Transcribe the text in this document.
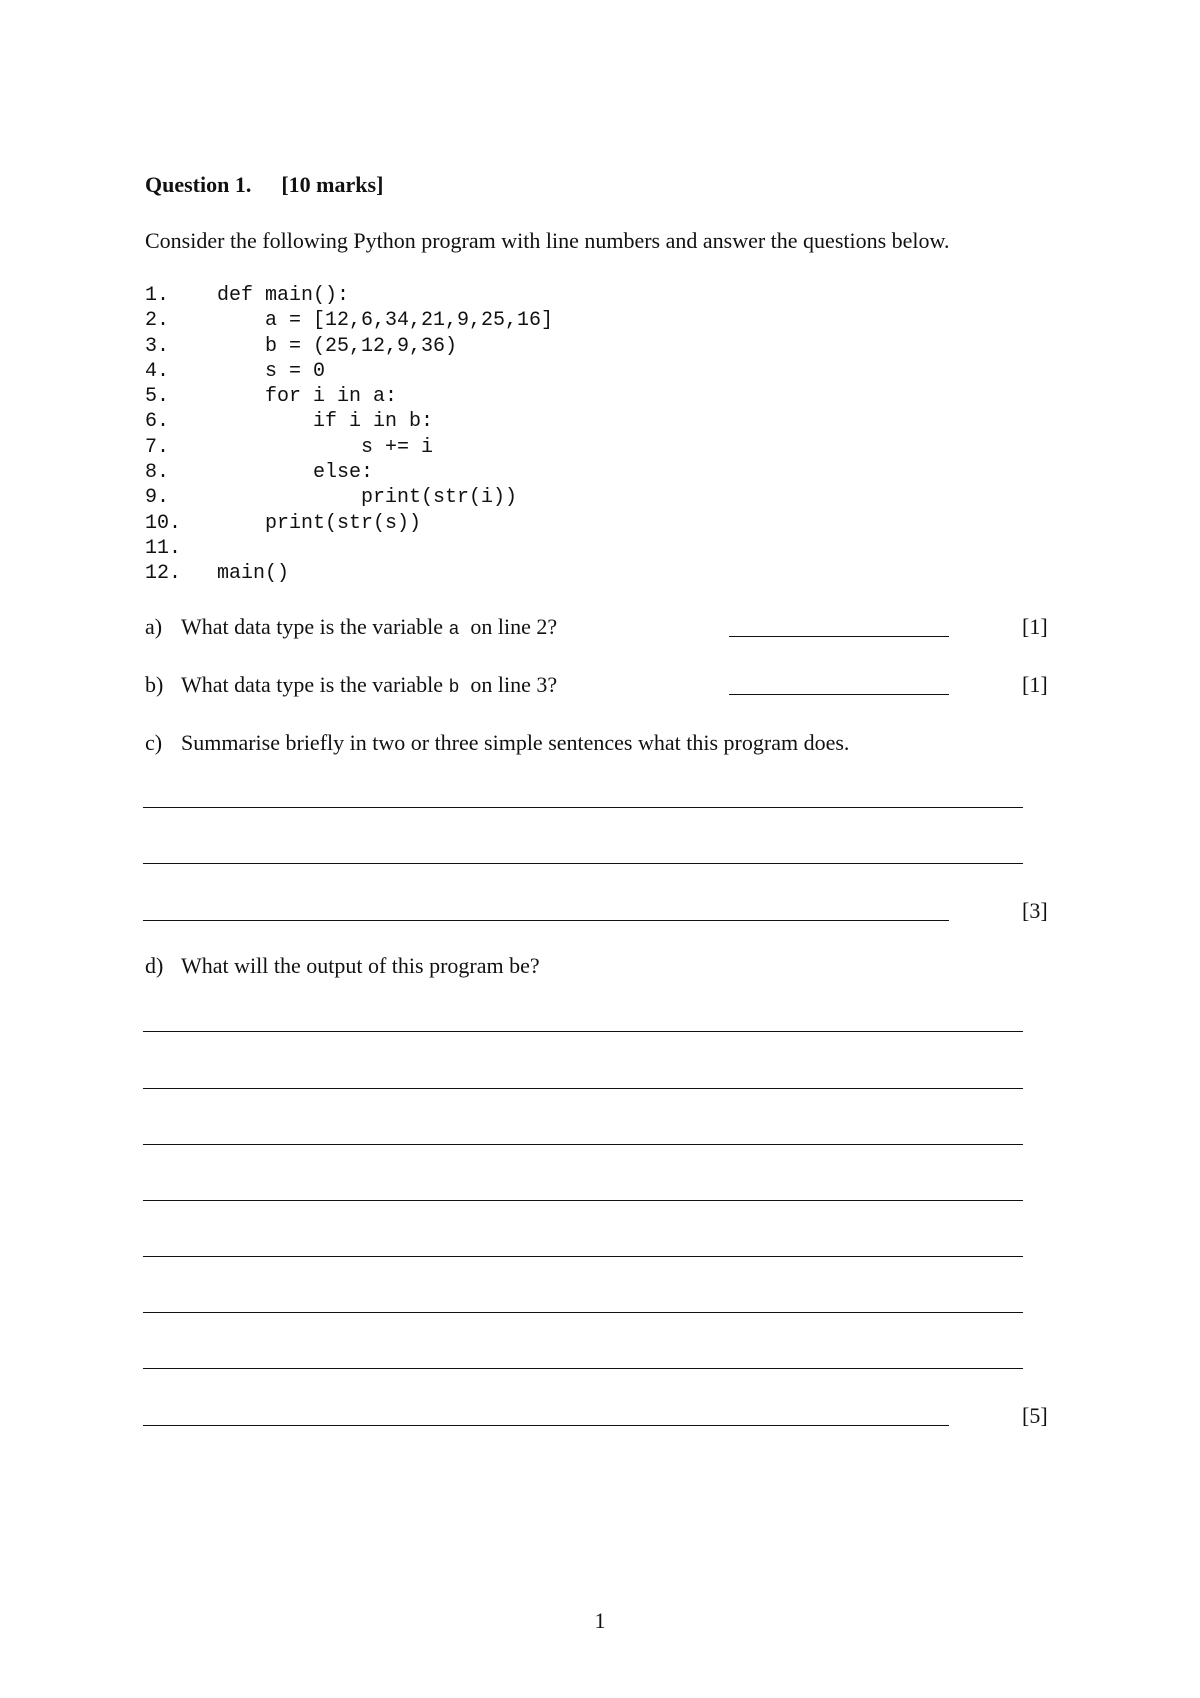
Question 1. [10 marks]
Consider the following Python program with line numbers and answer the questions below.
1.	def main():
2.	a = [12,6,34,21,9,25,16]
3.	b = (25,12,9,36)
4.	s = 0
5.	for i in a:
6.	if i in b:
7.	s += i
8.	else:
9.	print(str(i))
10.	print(str(s))
11.
12.	main()
a) What data type is the variable a on line 2?	[1]
b) What data type is the variable b on line 3?	[1]
c) Summarise briefly in two or three simple sentences what this program does.
[3]
d) What will the output of this program be?
[5]
1
